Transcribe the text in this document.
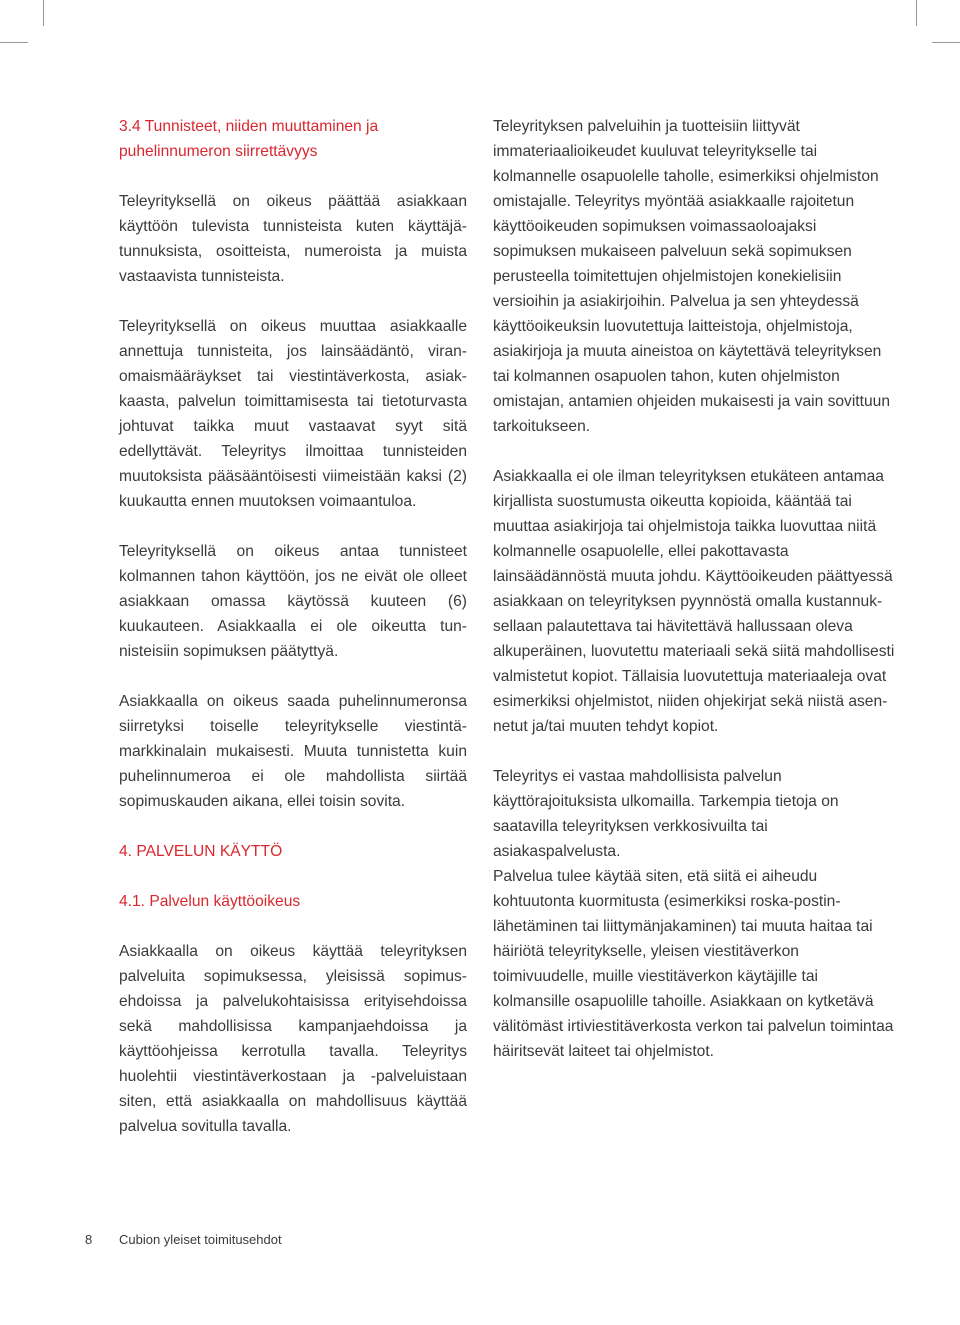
3.4 Tunnisteet, niiden muuttaminen ja puhelinnumeron siirrettävyys

Teleyrityksellä on oikeus päättää asiakkaan käyttöön tulevista tunnisteista kuten käyttäjätunnuksista, osoitteista, numeroista ja muista vastaavista tunnisteista.

Teleyrityksellä on oikeus muuttaa asiakkaalle annettuja tunnisteita, jos lainsäädäntö, viranomaismääräykset tai viestintäverkosta, asiakkaasta, palvelun toimittamisesta tai tietoturvasta johtuvat taikka muut vastaavat syyt sitä edellyttävät. Teleyritys ilmoittaa tunnisteiden muutoksista pääsääntöisesti viimeistään kaksi (2) kuukautta ennen muutoksen voimaantuloa.

Teleyrityksellä on oikeus antaa tunnisteet kolmannen tahon käyttöön, jos ne eivät ole olleet asiakkaan omassa käytössä kuuteen (6) kuukauteen. Asiakkaalla ei ole oikeutta tunnisteisiin sopimuksen päätyttyä.

Asiakkaalla on oikeus saada puhelinnumeronsa siirretyksi toiselle teleyritykselle viestintämarkkinalain mukaisesti. Muuta tunnistetta kuin puhelinnumeroa ei ole mahdollista siirtää sopimuskauden aikana, ellei toisin sovita.

4. PALVELUN KÄYTTÖ
4.1. Palvelun käyttöoikeus

Asiakkaalla on oikeus käyttää teleyrityksen palveluita sopimuksessa, yleisissä sopimusehdoissa ja palvelukohtaisissa erityisehdoissa sekä mahdollisissa kampanjaehdoissa ja käyttöohjeissa kerrotulla tavalla. Teleyritys huolehtii viestintäverkostaan ja -palveluistaan siten, että asiakkaalla on mahdollisuus käyttää palvelua sovitulla tavalla.

Teleyrityksen palveluihin ja tuotteisiin liittyvät immateriaalioikeudet kuuluvat teleyritykselle tai kolmannelle osapuolelle taholle, esimerkiksi ohjelmiston omistajalle. Teleyritys myöntää asiakkaalle rajoitetun käyttöoikeuden sopimuksen voimassaoloajaksi sopimuksen mukaiseen palveluun sekä sopimuksen perusteella toimitettujen ohjelmistojen konekielisiin versioihin ja asiakirjoihin. Palvelua ja sen yhteydessä käyttöoikeuksin luovutettuja laitteistoja, ohjelmistoja, asiakirjoja ja muuta aineistoa on käytettävä teleyrityksen tai kolmannen osapuolen tahon, kuten ohjelmiston omistajan, antamien ohjeiden mukaisesti ja vain sovittuun tarkoitukseen.

Asiakkaalla ei ole ilman teleyrityksen etukäteen antamaa kirjallista suostumusta oikeutta kopioida, kääntää tai muuttaa asiakirjoja tai ohjelmistoja taikka luovuttaa niitä kolmannelle osapuolelle, ellei pakottavasta lainsäädännöstä muuta johdu. Käyttöoikeuden päättyessä asiakkaan on teleyrityksen pyynnöstä omalla kustannuksellaan palautettava tai hävitettävä hallussaan oleva alkuperäinen, luovutettu materiaali sekä siitä mahdollisesti valmistetut kopiot. Tällaisia luovutettuja materiaaleja ovat esimerkiksi ohjelmistot, niiden ohjekirjat sekä niistä asennetut ja/tai muuten tehdyt kopiot.

Teleyritys ei vastaa mahdollisista palvelun käyttörajoituksista ulkomailla. Tarkempia tietoja on saatavilla teleyrityksen verkkosivuilta tai asiakaspalvelusta.

Palvelua tulee käytää siten, etä siitä ei aiheudu kohtuutonta kuormitusta (esimerkiksi roska-postinlähetäminen tai liittymänjakaminen) tai muuta haitaa tai häiriötä teleyritykselle, yleisen viestitäverkon toimivuudelle, muille viestitäverkon käytäjille tai kolmansille osapuolille tahoille. Asiakkaan on kytketävä välitömäst irtiviestitäverkosta verkon tai palvelun toimintaa häiritsevät laiteet tai ohjelmistot.

8 Cubion yleiset toimitusehdot
